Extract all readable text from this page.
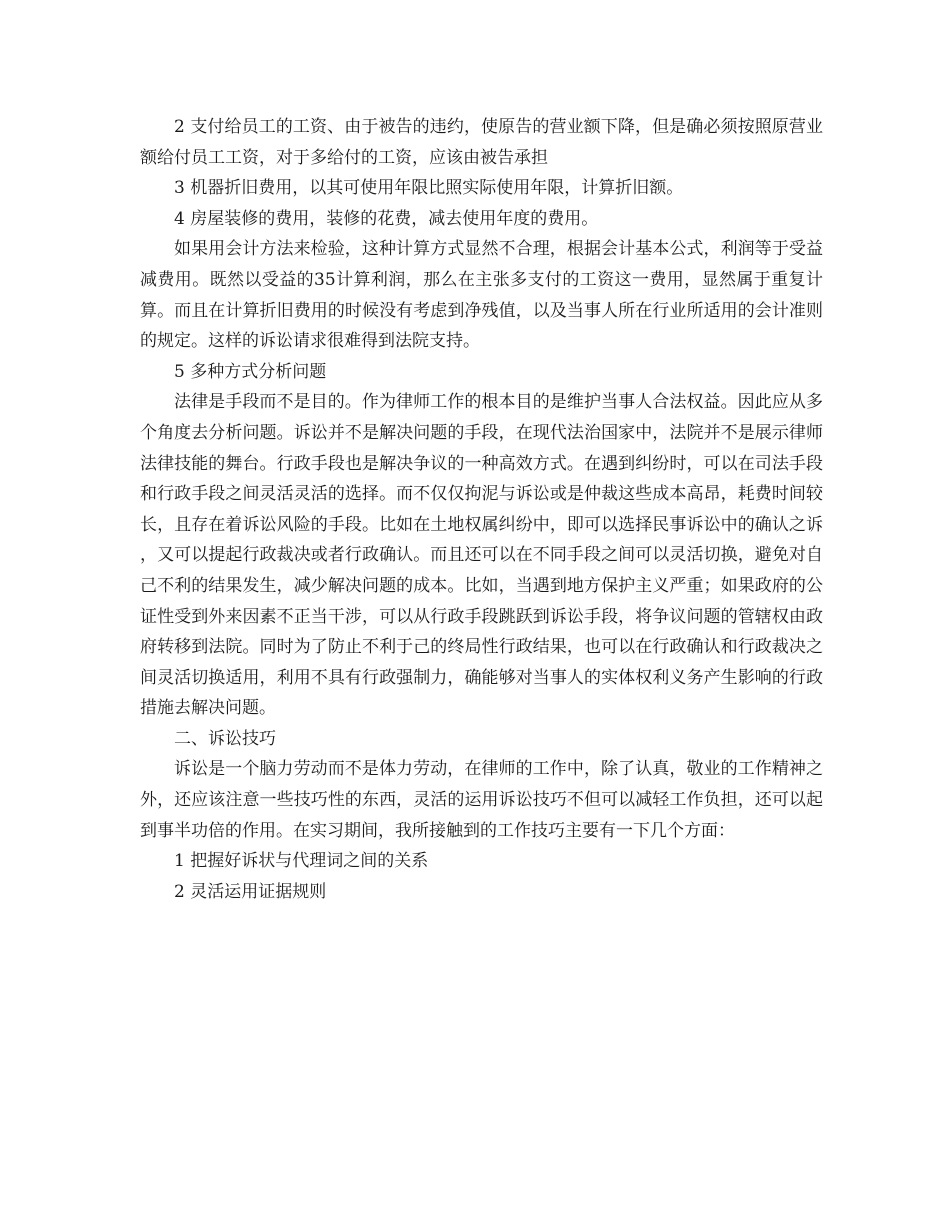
2 支付给员工的工资、由于被告的违约，使原告的营业额下降，但是确必须按照原营业额给付员工工资，对于多给付的工资，应该由被告承担

3 机器折旧费用，以其可使用年限比照实际使用年限，计算折旧额。

4 房屋装修的费用，装修的花费，减去使用年度的费用。

如果用会计方法来检验，这种计算方式显然不合理，根据会计基本公式，利润等于受益减费用。既然以受益的35计算利润，那么在主张多支付的工资这一费用，显然属于重复计算。而且在计算折旧费用的时候没有考虑到净残值，以及当事人所在行业所适用的会计准则的规定。这样的诉讼请求很难得到法院支持。

5 多种方式分析问题

法律是手段而不是目的。作为律师工作的根本目的是维护当事人合法权益。因此应从多个角度去分析问题。诉讼并不是解决问题的手段，在现代法治国家中，法院并不是展示律师法律技能的舞台。行政手段也是解决争议的一种高效方式。在遇到纠纷时，可以在司法手段和行政手段之间灵活灵活的选择。而不仅仅拘泥与诉讼或是仲裁这些成本高昂，耗费时间较长，且存在着诉讼风险的手段。比如在土地权属纠纷中，即可以选择民事诉讼中的确认之诉，又可以提起行政裁决或者行政确认。而且还可以在不同手段之间可以灵活切换，避免对自己不利的结果发生，减少解决问题的成本。比如，当遇到地方保护主义严重；如果政府的公证性受到外来因素不正当干涉，可以从行政手段跳跃到诉讼手段，将争议问题的管辖权由政府转移到法院。同时为了防止不利于己的终局性行政结果，也可以在行政确认和行政裁决之间灵活切换适用，利用不具有行政强制力，确能够对当事人的实体权利义务产生影响的行政措施去解决问题。

二、诉讼技巧

诉讼是一个脑力劳动而不是体力劳动，在律师的工作中，除了认真，敬业的工作精神之外，还应该注意一些技巧性的东西，灵活的运用诉讼技巧不但可以减轻工作负担，还可以起到事半功倍的作用。在实习期间，我所接触到的工作技巧主要有一下几个方面：

1 把握好诉状与代理词之间的关系

2 灵活运用证据规则
